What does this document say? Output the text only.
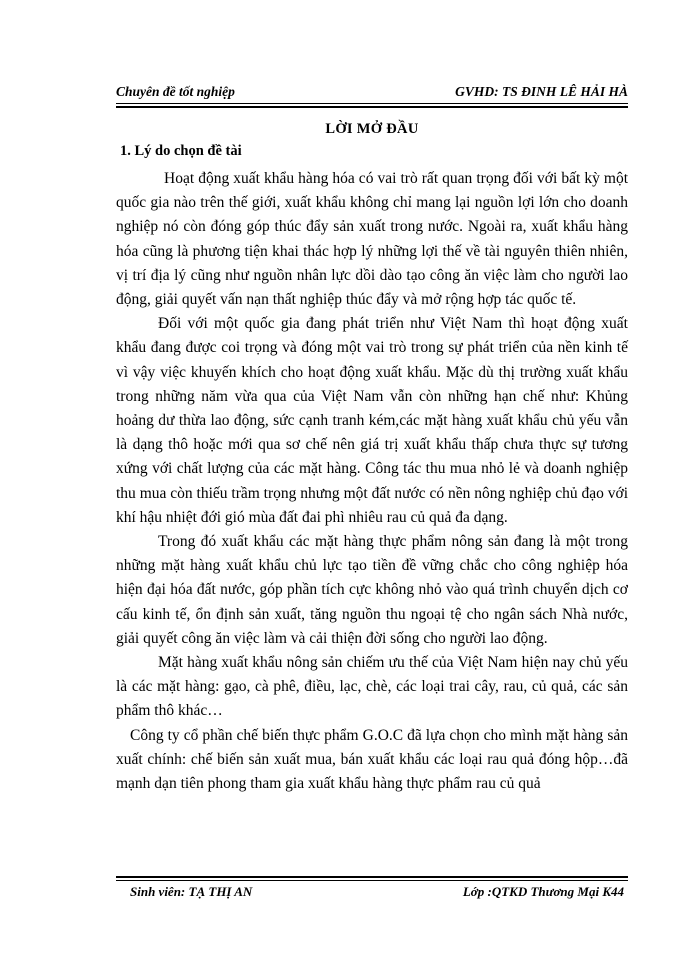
Chuyên đề tốt nghiệp	GVHD: TS ĐINH LÊ HẢI HÀ
LỜI MỞ ĐẦU
1. Lý do chọn đề tài

Hoạt động xuất khẩu hàng hóa có vai trò rất quan trọng đối với bất kỳ một quốc gia nào trên thế giới, xuất khẩu không chỉ mang lại nguồn lợi lớn cho doanh nghiệp nó còn đóng góp thúc đẩy sản xuất trong nước. Ngoài ra, xuất khẩu hàng hóa cũng là phương tiện khai thác hợp lý những lợi thế về tài nguyên thiên nhiên, vị trí địa lý cũng như nguồn nhân lực dồi dào tạo công ăn việc làm cho người lao động, giải quyết vấn nạn thất nghiệp thúc đẩy và mở rộng hợp tác quốc tế.

Đối với một quốc gia đang phát triển như Việt Nam thì hoạt động xuất khẩu đang được coi trọng và đóng một vai trò trong sự phát triển của nền kinh tế vì vậy việc khuyến khích cho hoạt động xuất khẩu. Mặc dù thị trường xuất khẩu trong những năm vừa qua của Việt Nam vẫn còn những hạn chế như: Khủng hoảng dư thừa lao động, sức cạnh tranh kém,các mặt hàng xuất khẩu chủ yếu vẫn là dạng thô hoặc mới qua sơ chế nên giá trị xuất khẩu thấp chưa thực sự tương xứng với chất lượng của các mặt hàng. Công tác thu mua nhỏ lẻ và doanh nghiệp thu mua còn thiếu trầm trọng nhưng một đất nước có nền nông nghiệp chủ đạo với khí hậu nhiệt đới gió mùa đất đai phì nhiêu rau củ quả đa dạng.

Trong đó xuất khẩu các mặt hàng thực phẩm nông sản đang là một trong những mặt hàng xuất khẩu chủ lực tạo tiền đề vững chắc cho công nghiệp hóa hiện đại hóa đất nước, góp phần tích cực không nhỏ vào quá trình chuyển dịch cơ cấu kinh tế, ổn định sản xuất, tăng nguồn thu ngoại tệ cho ngân sách Nhà nước, giải quyết công ăn việc làm và cải thiện đời sống cho người lao động.

Mặt hàng xuất khẩu nông sản chiếm ưu thế của Việt Nam hiện nay chủ yếu là các mặt hàng: gạo, cà phê, điều, lạc, chè, các loại trai cây, rau, củ quả, các sản phẩm thô khác…

Công ty cổ phần chế biến thực phẩm G.O.C đã lựa chọn cho mình mặt hàng sản xuất chính: chế biến sản xuất mua, bán xuất khẩu các loại rau quả đóng hộp…đã mạnh dạn tiên phong tham gia xuất khẩu hàng thực phẩm rau củ quả

Sinh viên: TẠ THỊ AN	Lớp :QTKD Thương Mại K44
